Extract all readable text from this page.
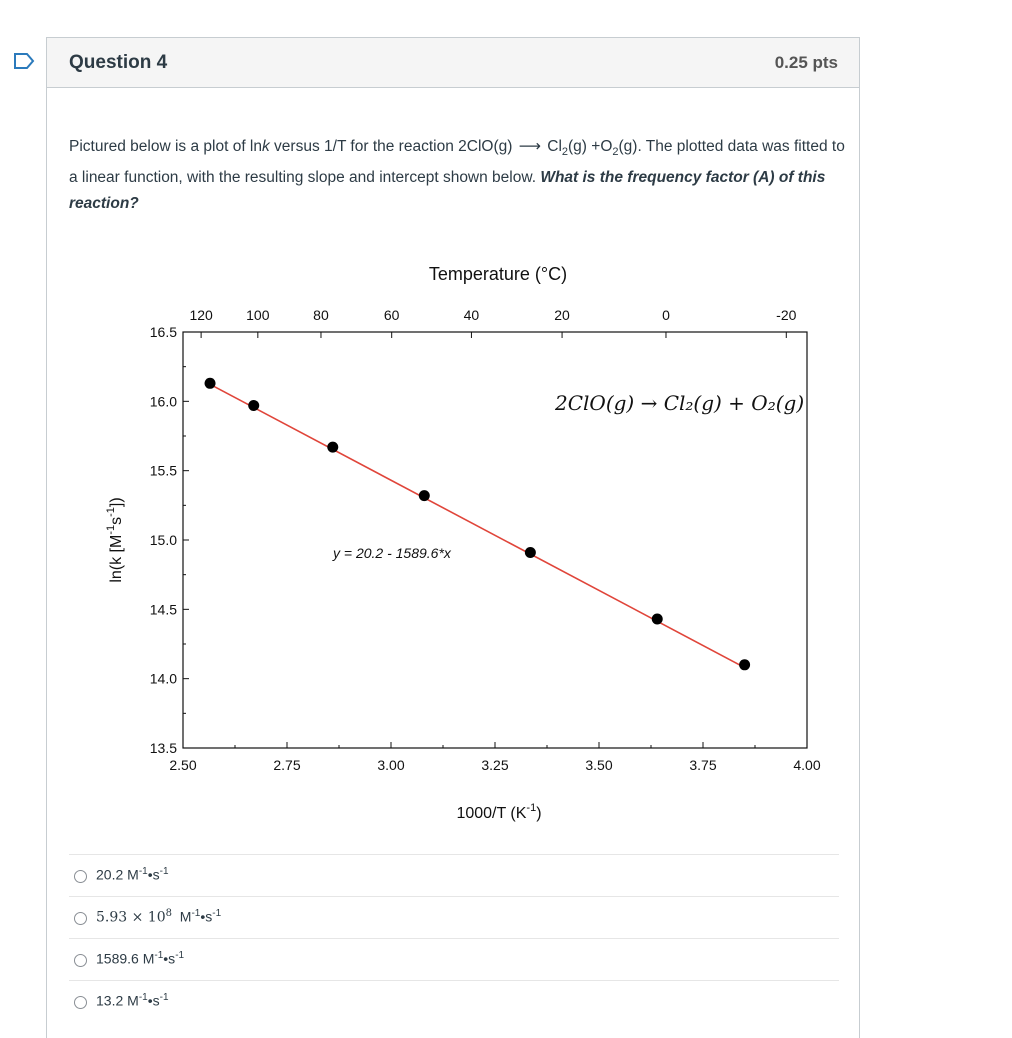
Question 4	0.25 pts
Pictured below is a plot of lnk versus 1/T for the reaction 2ClO(g) ⟶ $Cl_2(g) +O_2(g)$. The plotted data was fitted to a linear function, with the resulting slope and intercept shown below. What is the frequency factor (A) of this reaction?
Temperature (°C)
2.50	2.75	3.00	3.25	3.50	3.75	4.00
16.5
16.0
15.5
15.0
14.5
14.0
13.5
120 100	80	60	40	20	0	-20
1000/T $(K^{-1})$
ln(k $[M^{-1}s^{-1}]$)
y = 20.2 - 1589.6*x
2ClO(g) → Cl₂(g) + O₂(g)
20.2 $M^{-1}•s^{-1}$
$5.93 \times 10^8$ $M^{-1}•s^{-1}$
1589.6 $M^{-1}•s^{-1}$
13.2 $M^{-1}•s^{-1}$
